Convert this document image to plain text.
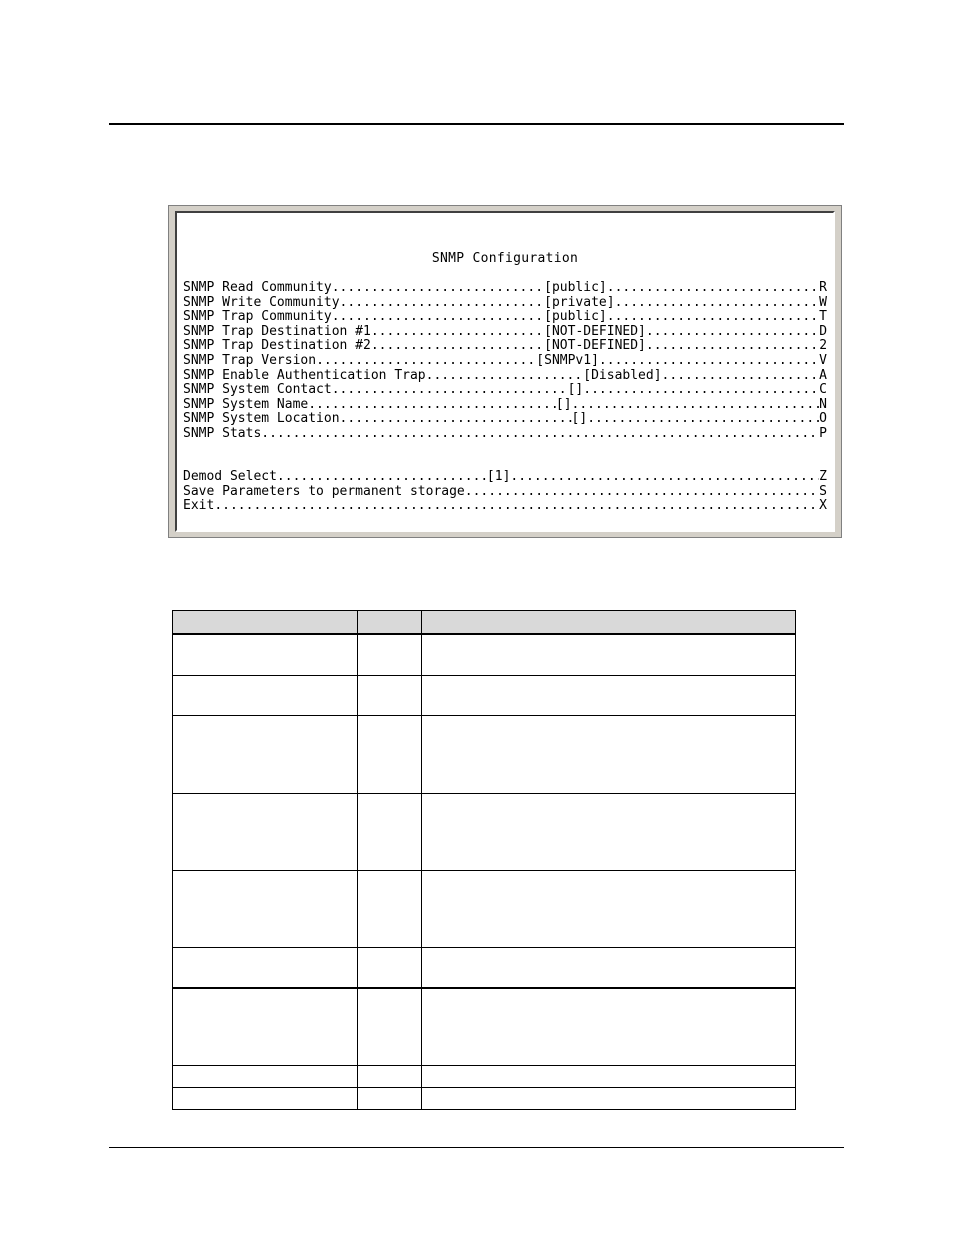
SNMP Configuration
SNMP Read Community .....	[public] .....	R
SNMP Write Community .....	[private] .....	W
SNMP Trap Community .....	[public] .....	T
SNMP Trap Destination #1 .....	[NOT-DEFINED] .....	D
SNMP Trap Destination #2 .....	[NOT-DEFINED] .....	2
SNMP Trap Version .....	[SNMPv1] .....	V
SNMP Enable Authentication Trap .....	[Disabled] .....	A
SNMP System Contact .....	[] .....	C
SNMP System Name .....	[] .....	N
SNMP System Location .....	[] .....	O
SNMP Stats .....	P
Demod Select .....	[1] .....	Z
Save Parameters to permanent storage .....	S
Exit .....	X
